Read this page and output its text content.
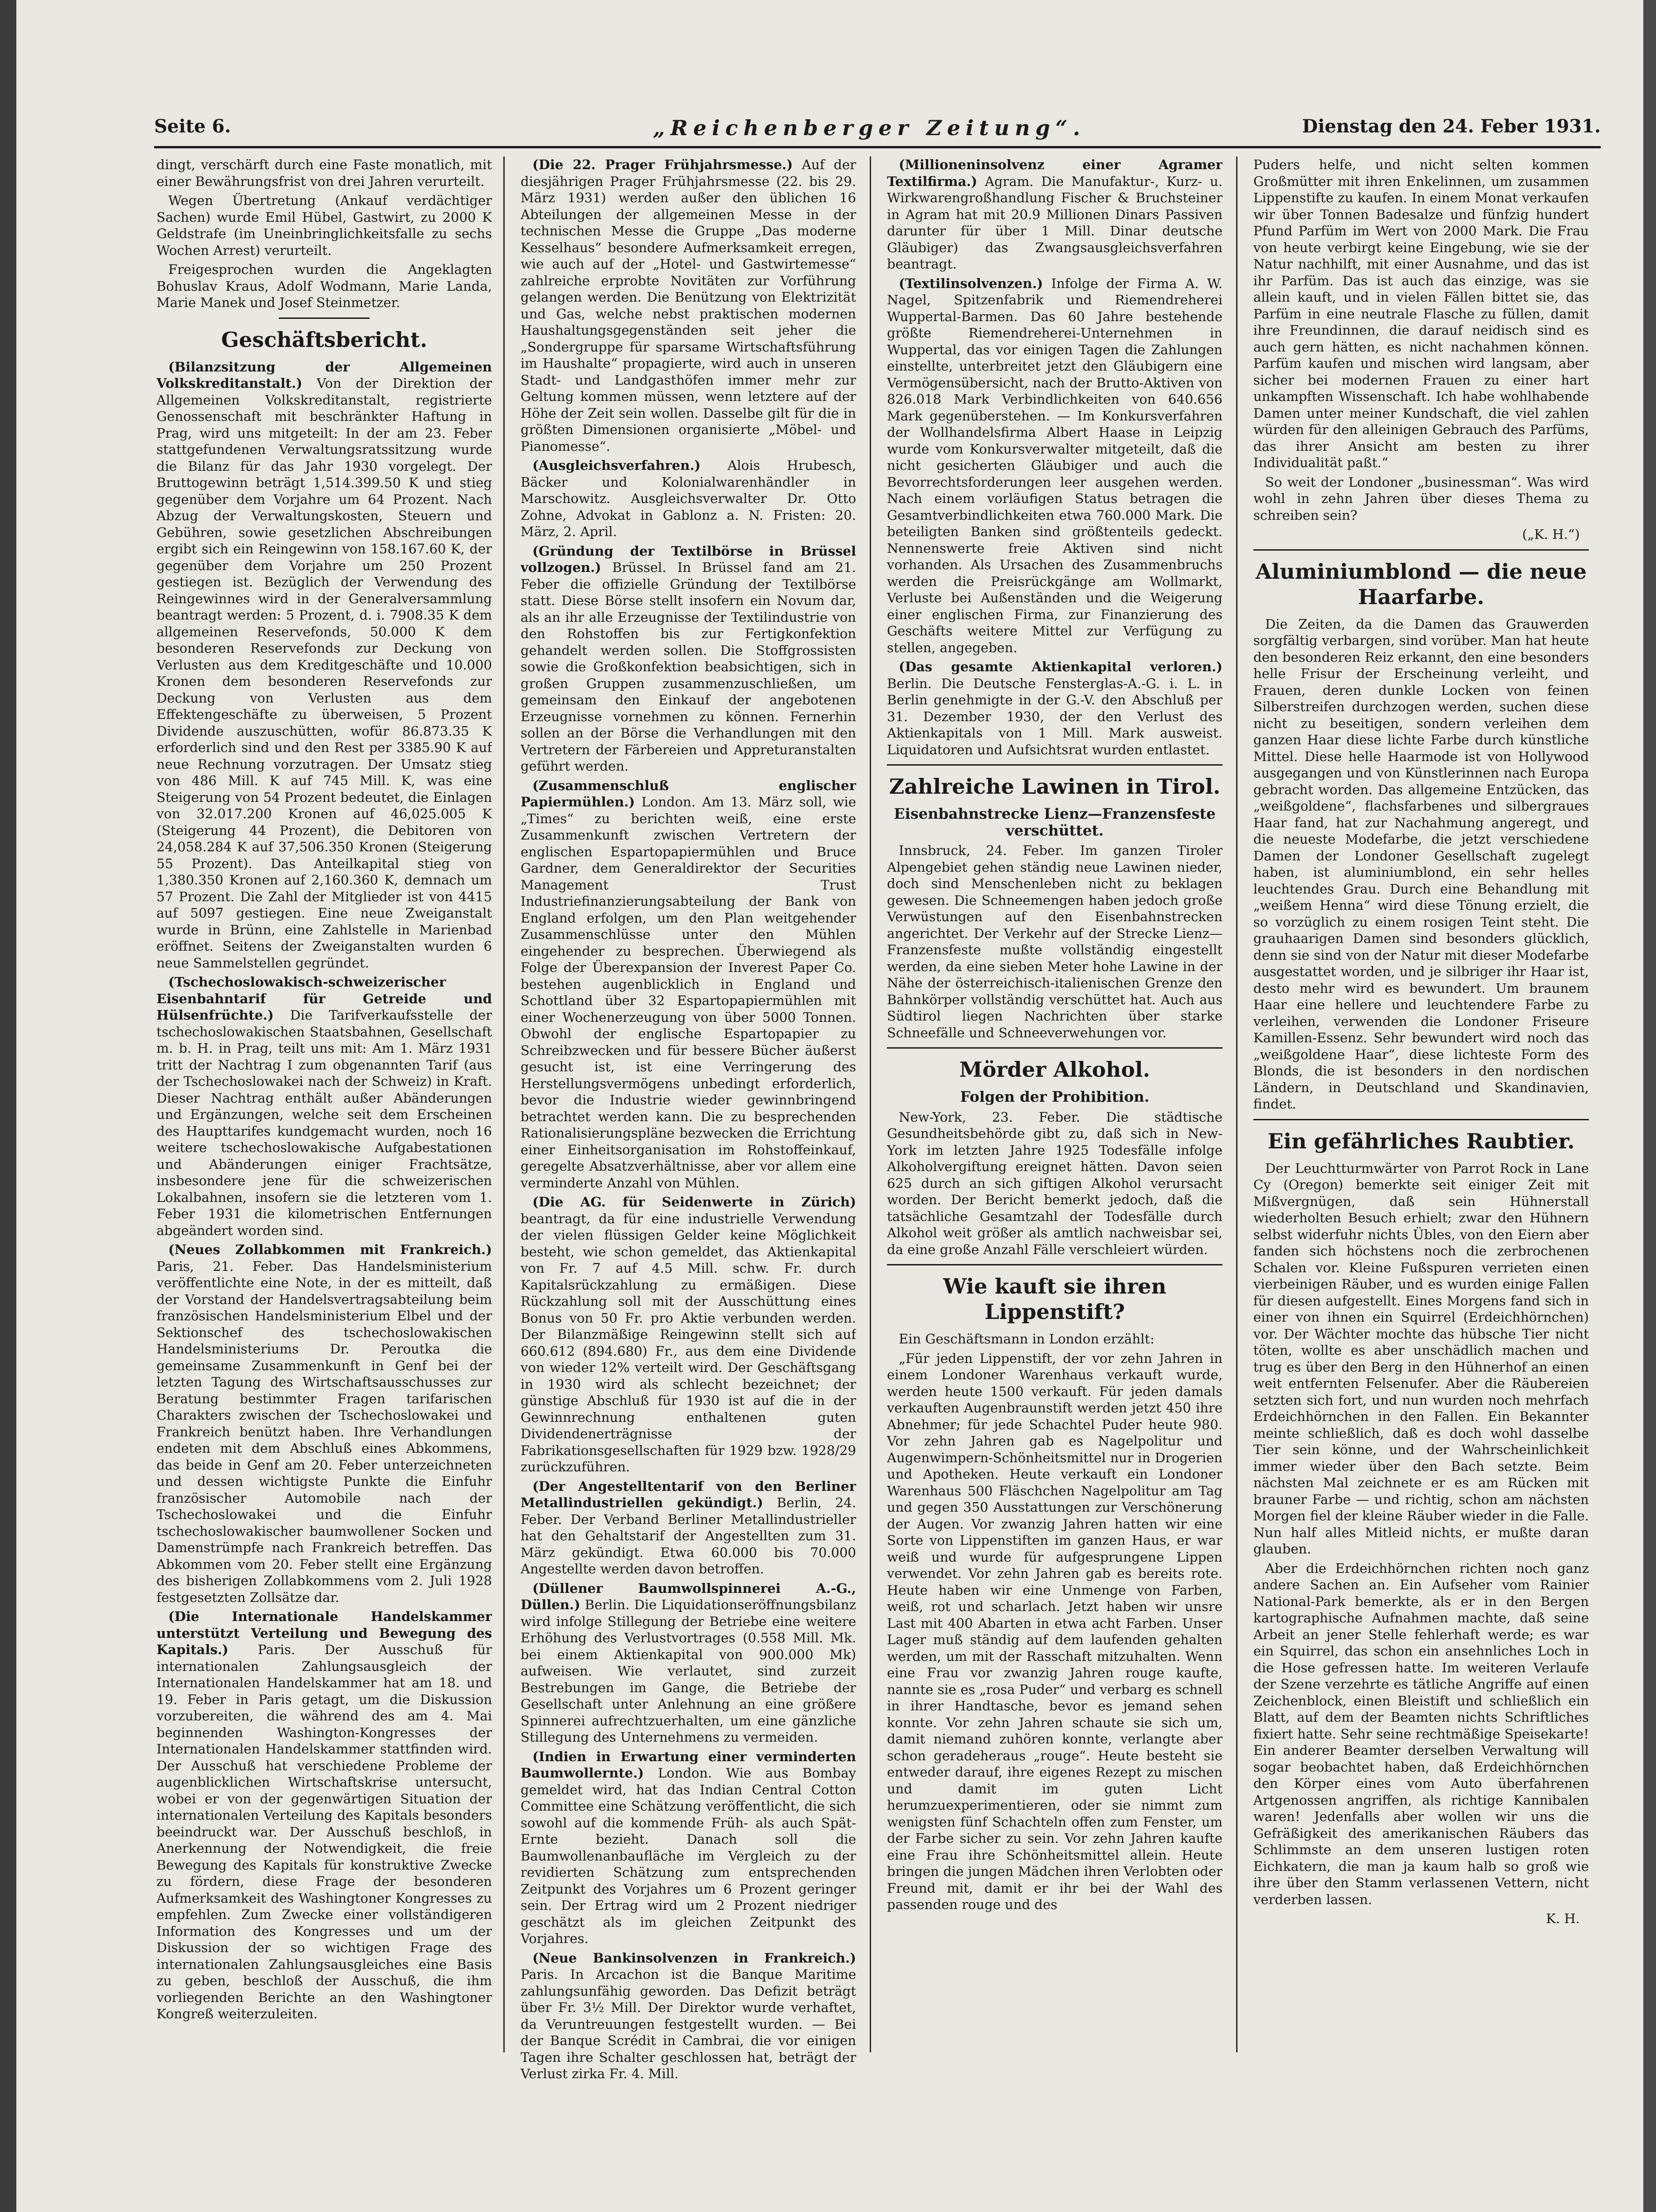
Seite 6.	„Reichenberger Zeitung“.	Dienstag den 24. Feber 1931.

dingt, verschärft durch eine Faste monatlich, mit einer Bewährungsfrist von drei Jahren verurteilt.

Wegen Übertretung (Ankauf verdächtiger Sachen) wurde Emil Hübel, Gastwirt, zu 2000 K Geldstrafe (im Uneinbringlichkeitsfalle zu sechs Wochen Arrest) verurteilt.

Freigesprochen wurden die Angeklagten Bohuslav Kraus, Adolf Wodmann, Marie Landa, Marie Manek und Josef Steinmetzer.

Geschäftsbericht.

(Bilanzsitzung der Allgemeinen Volkskreditanstalt.) Von der Direktion der Allgemeinen Volkskreditanstalt, registrierte Genossenschaft mit beschränkter Haftung in Prag, wird uns mitgeteilt: In der am 23. Feber stattgefundenen Verwaltungsratssitzung wurde die Bilanz für das Jahr 1930 vorgelegt. Der Bruttogewinn beträgt 1,514.399.50 K und stieg gegenüber dem Vorjahre um 64 Prozent. Nach Abzug der Verwaltungskosten, Steuern und Gebühren, sowie gesetzlichen Abschreibungen ergibt sich ein Reingewinn von 158.167.60 K, der gegenüber dem Vorjahre um 250 Prozent gestiegen ist. Bezüglich der Verwendung des Reingewinnes wird in der Generalversammlung beantragt werden: 5 Prozent, d. i. 7908.35 K dem allgemeinen Reservefonds, 50.000 K dem besonderen Reservefonds zur Deckung von Verlusten aus dem Kreditgeschäfte und 10.000 Kronen dem besonderen Reservefonds zur Deckung von Verlusten aus dem Effektengeschäfte zu überweisen, 5 Prozent Dividende auszuschütten, wofür 86.873.35 K erforderlich sind und den Rest per 3385.90 K auf neue Rechnung vorzutragen. Der Umsatz stieg von 486 Mill. K auf 745 Mill. K, was eine Steigerung von 54 Prozent bedeutet, die Einlagen von 32.017.200 Kronen auf 46,025.005 K (Steigerung 44 Prozent), die Debitoren von 24,058.284 K auf 37,506.350 Kronen (Steigerung 55 Prozent). Das Anteilkapital stieg von 1,380.350 Kronen auf 2,160.360 K, demnach um 57 Prozent. Die Zahl der Mitglieder ist von 4415 auf 5097 gestiegen. Eine neue Zweiganstalt wurde in Brünn, eine Zahlstelle in Marienbad eröffnet. Seitens der Zweiganstalten wurden 6 neue Sammelstellen gegründet.

(Tschechoslowakisch-schweizerischer Eisenbahntarif für Getreide und Hülsenfrüchte.) Die Tarifverkaufsstelle der tschechoslowakischen Staatsbahnen, Gesellschaft m. b. H. in Prag, teilt uns mit: Am 1. März 1931 tritt der Nachtrag I zum obgenannten Tarif (aus der Tschechoslowakei nach der Schweiz) in Kraft. Dieser Nachtrag enthält außer Abänderungen und Ergänzungen, welche seit dem Erscheinen des Haupttarifes kundgemacht wurden, noch 16 weitere tschechoslowakische Aufgabestationen und Abänderungen einiger Frachtsätze, insbesondere jene für die schweizerischen Lokalbahnen, insofern sie die letzteren vom 1. Feber 1931 die kilometrischen Entfernungen abgeändert worden sind.

(Neues Zollabkommen mit Frankreich.) Paris, 21. Feber. Das Handelsministerium veröffentlichte eine Note, in der es mitteilt, daß der Vorstand der Handelsvertragsabteilung beim französischen Handelsministerium Elbel und der Sektionschef des tschechoslowakischen Handelsministeriums Dr. Peroutka die gemeinsame Zusammenkunft in Genf bei der letzten Tagung des Wirtschaftsausschusses zur Beratung bestimmter Fragen tarifarischen Charakters zwischen der Tschechoslowakei und Frankreich benützt haben. Ihre Verhandlungen endeten mit dem Abschluß eines Abkommens, das beide in Genf am 20. Feber unterzeichneten und dessen wichtigste Punkte die Einfuhr französischer Automobile nach der Tschechoslowakei und die Einfuhr tschechoslowakischer baumwollener Socken und Damenstrümpfe nach Frankreich betreffen. Das Abkommen vom 20. Feber stellt eine Ergänzung des bisherigen Zollabkommens vom 2. Juli 1928 festgesetzten Zollsätze dar.

(Die Internationale Handelskammer unterstützt Verteilung und Bewegung des Kapitals.) Paris. Der Ausschuß für internationalen Zahlungsausgleich der Internationalen Handelskammer hat am 18. und 19. Feber in Paris getagt, um die Diskussion vorzubereiten, die während des am 4. Mai beginnenden Washington-Kongresses der Internationalen Handelskammer stattfinden wird. Der Ausschuß hat verschiedene Probleme der augenblicklichen Wirtschaftskrise untersucht, wobei er von der gegenwärtigen Situation der internationalen Verteilung des Kapitals besonders beeindruckt war. Der Ausschuß beschloß, in Anerkennung der Notwendigkeit, die freie Bewegung des Kapitals für konstruktive Zwecke zu fördern, diese Frage der besonderen Aufmerksamkeit des Washingtoner Kongresses zu empfehlen. Zum Zwecke einer vollständigeren Information des Kongresses und um der Diskussion der so wichtigen Frage des internationalen Zahlungsausgleiches eine Basis zu geben, beschloß der Ausschuß, die ihm vorliegenden Berichte an den Washingtoner Kongreß weiterzuleiten.

(Die 22. Prager Frühjahrsmesse.) Auf der diesjährigen Prager Frühjahrsmesse (22. bis 29. März 1931) werden außer den üblichen 16 Abteilungen der allgemeinen Messe in der technischen Messe die Gruppe „Das moderne Kesselhaus“ besondere Aufmerksamkeit erregen, wie auch auf der „Hotel- und Gastwirtemesse“ zahlreiche erprobte Novitäten zur Vorführung gelangen werden. Die Benützung von Elektrizität und Gas, welche nebst praktischen modernen Haushaltungsgegenständen seit jeher die „Sondergruppe für sparsame Wirtschaftsführung im Haushalte“ propagierte, wird auch in unseren Stadt- und Landgasthöfen immer mehr zur Geltung kommen müssen, wenn letztere auf der Höhe der Zeit sein wollen. Dasselbe gilt für die in größten Dimensionen organisierte „Möbel- und Pianomesse“.

(Ausgleichsverfahren.) Alois Hrubesch, Bäcker und Kolonialwarenhändler in Marschowitz. Ausgleichsverwalter Dr. Otto Zohne, Advokat in Gablonz a. N. Fristen: 20. März, 2. April.

(Gründung der Textilbörse in Brüssel vollzogen.) Brüssel. In Brüssel fand am 21. Feber die offizielle Gründung der Textilbörse statt. Diese Börse stellt insofern ein Novum dar, als an ihr alle Erzeugnisse der Textilindustrie von den Rohstoffen bis zur Fertigkonfektion gehandelt werden sollen. Die Stoffgrossisten sowie die Großkonfektion beabsichtigen, sich in großen Gruppen zusammenzuschließen, um gemeinsam den Einkauf der angebotenen Erzeugnisse vornehmen zu können. Fernerhin sollen an der Börse die Verhandlungen mit den Vertretern der Färbereien und Appreturanstalten geführt werden.

(Zusammenschluß englischer Papiermühlen.) London. Am 13. März soll, wie „Times“ zu berichten weiß, eine erste Zusammenkunft zwischen Vertretern der englischen Espartopapiermühlen und Bruce Gardner, dem Generaldirektor der Securities Management Trust Industriefinanzierungsabteilung der Bank von England erfolgen, um den Plan weitgehender Zusammenschlüsse unter den Mühlen eingehender zu besprechen. Überwiegend als Folge der Überexpansion der Inverest Paper Co. bestehen augenblicklich in England und Schottland über 32 Espartopapiermühlen mit einer Wochenerzeugung von über 5000 Tonnen. Obwohl der englische Espartopapier zu Schreibzwecken und für bessere Bücher äußerst gesucht ist, ist eine Verringerung des Herstellungsvermögens unbedingt erforderlich, bevor die Industrie wieder gewinnbringend betrachtet werden kann. Die zu besprechenden Rationalisierungspläne bezwecken die Errichtung einer Einheitsorganisation im Rohstoffeinkauf, geregelte Absatzverhältnisse, aber vor allem eine verminderte Anzahl von Mühlen.

(Die AG. für Seidenwerte in Zürich) beantragt, da für eine industrielle Verwendung der vielen flüssigen Gelder keine Möglichkeit besteht, wie schon gemeldet, das Aktienkapital von Fr. 7 auf 4.5 Mill. schw. Fr. durch Kapitalsrückzahlung zu ermäßigen. Diese Rückzahlung soll mit der Ausschüttung eines Bonus von 50 Fr. pro Aktie verbunden werden. Der Bilanzmäßige Reingewinn stellt sich auf 660.612 (894.680) Fr., aus dem eine Dividende von wieder 12% verteilt wird. Der Geschäftsgang in 1930 wird als schlecht bezeichnet; der günstige Abschluß für 1930 ist auf die in der Gewinnrechnung enthaltenen guten Dividendenerträgnisse der Fabrikationsgesellschaften für 1929 bzw. 1928/29 zurückzuführen.

(Der Angestelltentarif von den Berliner Metallindustriellen gekündigt.) Berlin, 24. Feber. Der Verband Berliner Metallindustrieller hat den Gehaltstarif der Angestellten zum 31. März gekündigt. Etwa 60.000 bis 70.000 Angestellte werden davon betroffen.

(Düllener Baumwollspinnerei A.-G., Düllen.) Berlin. Die Liquidationseröffnungsbilanz wird infolge Stillegung der Betriebe eine weitere Erhöhung des Verlustvortrages (0.558 Mill. Mk. bei einem Aktienkapital von 900.000 Mk) aufweisen. Wie verlautet, sind zurzeit Bestrebungen im Gange, die Betriebe der Gesellschaft unter Anlehnung an eine größere Spinnerei aufrechtzuerhalten, um eine gänzliche Stillegung des Unternehmens zu vermeiden.

(Indien in Erwartung einer verminderten Baumwollernte.) London. Wie aus Bombay gemeldet wird, hat das Indian Central Cotton Committee eine Schätzung veröffentlicht, die sich sowohl auf die kommende Früh- als auch Spät-Ernte bezieht. Danach soll die Baumwollenanbaufläche im Vergleich zu der revidierten Schätzung zum entsprechenden Zeitpunkt des Vorjahres um 6 Prozent geringer sein. Der Ertrag wird um 2 Prozent niedriger geschätzt als im gleichen Zeitpunkt des Vorjahres.

(Neue Bankinsolvenzen in Frankreich.) Paris. In Arcachon ist die Banque Maritime zahlungsunfähig geworden. Das Defizit beträgt über Fr. 3½ Mill. Der Direktor wurde verhaftet, da Veruntreuungen festgestellt wurden. — Bei der Banque Scrédit in Cambrai, die vor einigen Tagen ihre Schalter geschlossen hat, beträgt der Verlust zirka Fr. 4. Mill.

(Millioneninsolvenz einer Agramer Textilfirma.) Agram. Die Manufaktur-, Kurz- u. Wirkwarengroßhandlung Fischer & Bruchsteiner in Agram hat mit 20.9 Millionen Dinars Passiven darunter für über 1 Mill. Dinar deutsche Gläubiger) das Zwangsausgleichsverfahren beantragt.

(Textilinsolvenzen.) Infolge der Firma A. W. Nagel, Spitzenfabrik und Riemendreherei Wuppertal-Barmen. Das 60 Jahre bestehende größte Riemendreherei-Unternehmen in Wuppertal, das vor einigen Tagen die Zahlungen einstellte, unterbreitet jetzt den Gläubigern eine Vermögensübersicht, nach der Brutto-Aktiven von 826.018 Mark Verbindlichkeiten von 640.656 Mark gegenüberstehen. — Im Konkursverfahren der Wollhandelsfirma Albert Haase in Leipzig wurde vom Konkursverwalter mitgeteilt, daß die nicht gesicherten Gläubiger und auch die Bevorrechtsforderungen leer ausgehen werden. Nach einem vorläufigen Status betragen die Gesamtverbindlichkeiten etwa 760.000 Mark. Die beteiligten Banken sind größtenteils gedeckt. Nennenswerte freie Aktiven sind nicht vorhanden. Als Ursachen des Zusammenbruchs werden die Preisrückgänge am Wollmarkt, Verluste bei Außenständen und die Weigerung einer englischen Firma, zur Finanzierung des Geschäfts weitere Mittel zur Verfügung zu stellen, angegeben.

(Das gesamte Aktienkapital verloren.) Berlin. Die Deutsche Fensterglas-A.-G. i. L. in Berlin genehmigte in der G.-V. den Abschluß per 31. Dezember 1930, der den Verlust des Aktienkapitals von 1 Mill. Mark ausweist. Liquidatoren und Aufsichtsrat wurden entlastet.

Zahlreiche Lawinen in Tirol.
Eisenbahnstrecke Lienz—Franzensfeste verschüttet.

Innsbruck, 24. Feber. Im ganzen Tiroler Alpengebiet gehen ständig neue Lawinen nieder, doch sind Menschenleben nicht zu beklagen gewesen. Die Schneemengen haben jedoch große Verwüstungen auf den Eisenbahnstrecken angerichtet. Der Verkehr auf der Strecke Lienz—Franzensfeste mußte vollständig eingestellt werden, da eine sieben Meter hohe Lawine in der Nähe der österreichisch-italienischen Grenze den Bahnkörper vollständig verschüttet hat. Auch aus Südtirol liegen Nachrichten über starke Schneefälle und Schneeverwehungen vor.

Mörder Alkohol.
Folgen der Prohibition.

New-York, 23. Feber. Die städtische Gesundheitsbehörde gibt zu, daß sich in New-York im letzten Jahre 1925 Todesfälle infolge Alkoholvergiftung ereignet hätten. Davon seien 625 durch an sich giftigen Alkohol verursacht worden. Der Bericht bemerkt jedoch, daß die tatsächliche Gesamtzahl der Todesfälle durch Alkohol weit größer als amtlich nachweisbar sei, da eine große Anzahl Fälle verschleiert würden.

Wie kauft sie ihren Lippenstift?

Ein Geschäftsmann in London erzählt:

„Für jeden Lippenstift, der vor zehn Jahren in einem Londoner Warenhaus verkauft wurde, werden heute 1500 verkauft. Für jeden damals verkauften Augenbraunstift werden jetzt 450 ihre Abnehmer; für jede Schachtel Puder heute 980. Vor zehn Jahren gab es Nagelpolitur und Augenwimpern-Schönheitsmittel nur in Drogerien und Apotheken. Heute verkauft ein Londoner Warenhaus 500 Fläschchen Nagelpolitur am Tag und gegen 350 Ausstattungen zur Verschönerung der Augen. Vor zwanzig Jahren hatten wir eine Sorte von Lippenstiften im ganzen Haus, er war weiß und wurde für aufgesprungene Lippen verwendet. Vor zehn Jahren gab es bereits rote. Heute haben wir eine Unmenge von Farben, weiß, rot und scharlach. Jetzt haben wir unsre Last mit 400 Abarten in etwa acht Farben. Unser Lager muß ständig auf dem laufenden gehalten werden, um mit der Rasschaft mitzuhalten. Wenn eine Frau vor zwanzig Jahren rouge kaufte, nannte sie es „rosa Puder“ und verbarg es schnell in ihrer Handtasche, bevor es jemand sehen konnte. Vor zehn Jahren schaute sie sich um, damit niemand zuhören konnte, verlangte aber schon geradeheraus „rouge“. Heute besteht sie entweder darauf, ihre eigenes Rezept zu mischen und damit im guten Licht herumzuexperimentieren, oder sie nimmt zum wenigsten fünf Schachteln offen zum Fenster, um der Farbe sicher zu sein. Vor zehn Jahren kaufte eine Frau ihre Schönheitsmittel allein. Heute bringen die jungen Mädchen ihren Verlobten oder Freund mit, damit er ihr bei der Wahl des passenden rouge und des

Puders helfe, und nicht selten kommen Großmütter mit ihren Enkelinnen, um zusammen Lippenstifte zu kaufen. In einem Monat verkaufen wir über Tonnen Badesalze und fünfzig hundert Pfund Parfüm im Wert von 2000 Mark. Die Frau von heute verbirgt keine Eingebung, wie sie der Natur nachhilft, mit einer Ausnahme, und das ist ihr Parfüm. Das ist auch das einzige, was sie allein kauft, und in vielen Fällen bittet sie, das Parfüm in eine neutrale Flasche zu füllen, damit ihre Freundinnen, die darauf neidisch sind es auch gern hätten, es nicht nachahmen können. Parfüm kaufen und mischen wird langsam, aber sicher bei modernen Frauen zu einer hart unkampften Wissenschaft. Ich habe wohlhabende Damen unter meiner Kundschaft, die viel zahlen würden für den alleinigen Gebrauch des Parfüms, das ihrer Ansicht am besten zu ihrer Individualität paßt.“

So weit der Londoner „businessman“. Was wird wohl in zehn Jahren über dieses Thema zu schreiben sein?

(„K. H.“)

Aluminiumblond — die neue Haarfarbe.

Die Zeiten, da die Damen das Grauwerden sorgfältig verbargen, sind vorüber. Man hat heute den besonderen Reiz erkannt, den eine besonders helle Frisur der Erscheinung verleiht, und Frauen, deren dunkle Locken von feinen Silberstreifen durchzogen werden, suchen diese nicht zu beseitigen, sondern verleihen dem ganzen Haar diese lichte Farbe durch künstliche Mittel. Diese helle Haarmode ist von Hollywood ausgegangen und von Künstlerinnen nach Europa gebracht worden. Das allgemeine Entzücken, das „weißgoldene“, flachsfarbenes und silbergraues Haar fand, hat zur Nachahmung angeregt, und die neueste Modefarbe, die jetzt verschiedene Damen der Londoner Gesellschaft zugelegt haben, ist aluminiumblond, ein sehr helles leuchtendes Grau. Durch eine Behandlung mit „weißem Henna“ wird diese Tönung erzielt, die so vorzüglich zu einem rosigen Teint steht. Die grauhaarigen Damen sind besonders glücklich, denn sie sind von der Natur mit dieser Modefarbe ausgestattet worden, und je silbriger ihr Haar ist, desto mehr wird es bewundert. Um braunem Haar eine hellere und leuchtendere Farbe zu verleihen, verwenden die Londoner Friseure Kamillen-Essenz. Sehr bewundert wird noch das „weißgoldene Haar“, diese lichteste Form des Blonds, die ist besonders in den nordischen Ländern, in Deutschland und Skandinavien, findet.

Ein gefährliches Raubtier.

Der Leuchtturmwärter von Parrot Rock in Lane Cy (Oregon) bemerkte seit einiger Zeit mit Mißvergnügen, daß sein Hühnerstall wiederholten Besuch erhielt; zwar den Hühnern selbst widerfuhr nichts Übles, von den Eiern aber fanden sich höchstens noch die zerbrochenen Schalen vor. Kleine Fußspuren verrieten einen vierbeinigen Räuber, und es wurden einige Fallen für diesen aufgestellt. Eines Morgens fand sich in einer von ihnen ein Squirrel (Erdeichhörnchen) vor. Der Wächter mochte das hübsche Tier nicht töten, wollte es aber unschädlich machen und trug es über den Berg in den Hühnerhof an einen weit entfernten Felsenufer. Aber die Räubereien setzten sich fort, und nun wurden noch mehrfach Erdeichhörnchen in den Fallen. Ein Bekannter meinte schließlich, daß es doch wohl dasselbe Tier sein könne, und der Wahrscheinlichkeit immer wieder über den Bach setzte. Beim nächsten Mal zeichnete er es am Rücken mit brauner Farbe — und richtig, schon am nächsten Morgen fiel der kleine Räuber wieder in die Falle. Nun half alles Mitleid nichts, er mußte daran glauben.

Aber die Erdeichhörnchen richten noch ganz andere Sachen an. Ein Aufseher vom Rainier National-Park bemerkte, als er in den Bergen kartographische Aufnahmen machte, daß seine Arbeit an jener Stelle fehlerhaft werde; es war ein Squirrel, das schon ein ansehnliches Loch in die Hose gefressen hatte. Im weiteren Verlaufe der Szene verzehrte es tätliche Angriffe auf einen Zeichenblock, einen Bleistift und schließlich ein Blatt, auf dem der Beamten nichts Schriftliches fixiert hatte. Sehr seine rechtmäßige Speisekarte! Ein anderer Beamter derselben Verwaltung will sogar beobachtet haben, daß Erdeichhörnchen den Körper eines vom Auto überfahrenen Artgenossen angriffen, als richtige Kannibalen waren! Jedenfalls aber wollen wir uns die Gefräßigkeit des amerikanischen Räubers das Schlimmste an dem unseren lustigen roten Eichkatern, die man ja kaum halb so groß wie ihre über den Stamm verlassenen Vettern, nicht verderben lassen.

K. H.
